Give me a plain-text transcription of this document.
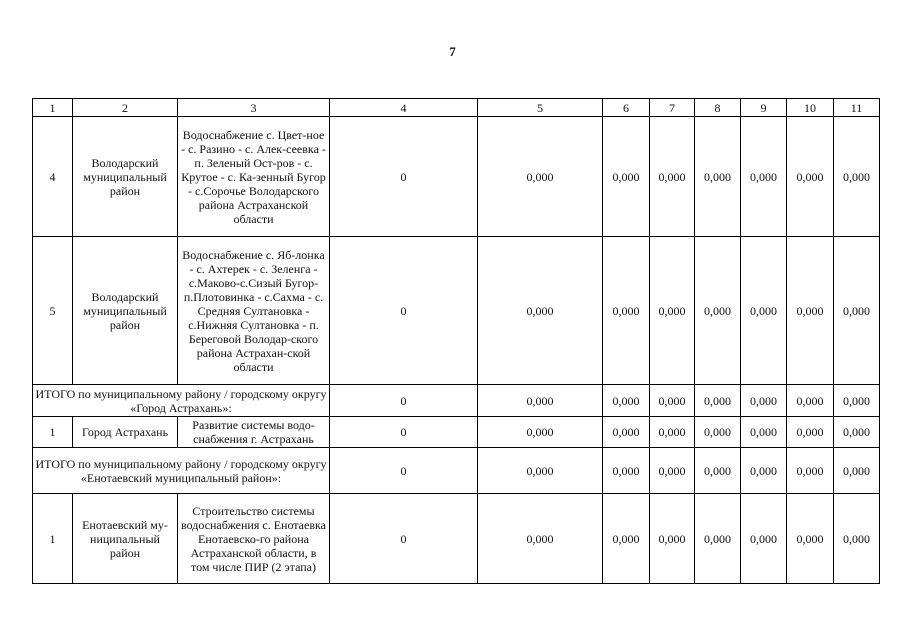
7
1	2	3	4	5	6	7	8	9	10	11
4	Володарский муниципальный район	Водоснабжение с. Цвет-ное - с. Разино - с. Алек-сеевка - п. Зеленый Ост-ров - с. Крутое - с. Ка-зенный Бугор - с.Сорочье Володарского района Астраханской области	0	0,000	0,000	0,000	0,000	0,000	0,000	0,000
5	Володарский муниципальный район	Водоснабжение с. Яб-лонка - с. Ахтерек - с. Зеленга - с.Маково-с.Сизый Бугор-п.Плотовинка - с.Сахма - с. Средняя Султановка - с.Нижняя Султановка - п. Береговой Володар-ского района Астрахан-ской области	0	0,000	0,000	0,000	0,000	0,000	0,000	0,000
ИТОГО по муниципальному району / городскому округу «Город Астрахань»:			0	0,000	0,000	0,000	0,000	0,000	0,000	0,000
1	Город Астрахань	Развитие системы водо-снабжения г. Астрахань	0	0,000	0,000	0,000	0,000	0,000	0,000	0,000
ИТОГО по муниципальному району / городскому округу «Енотаевский муниципальный район»:			0	0,000	0,000	0,000	0,000	0,000	0,000	0,000
1	Енотаевский му-ниципальный район	Строительство системы водоснабжения с. Енотаевка Енотаевско-го района Астраханской области, в том числе ПИР (2 этапа)	0	0,000	0,000	0,000	0,000	0,000	0,000	0,000
